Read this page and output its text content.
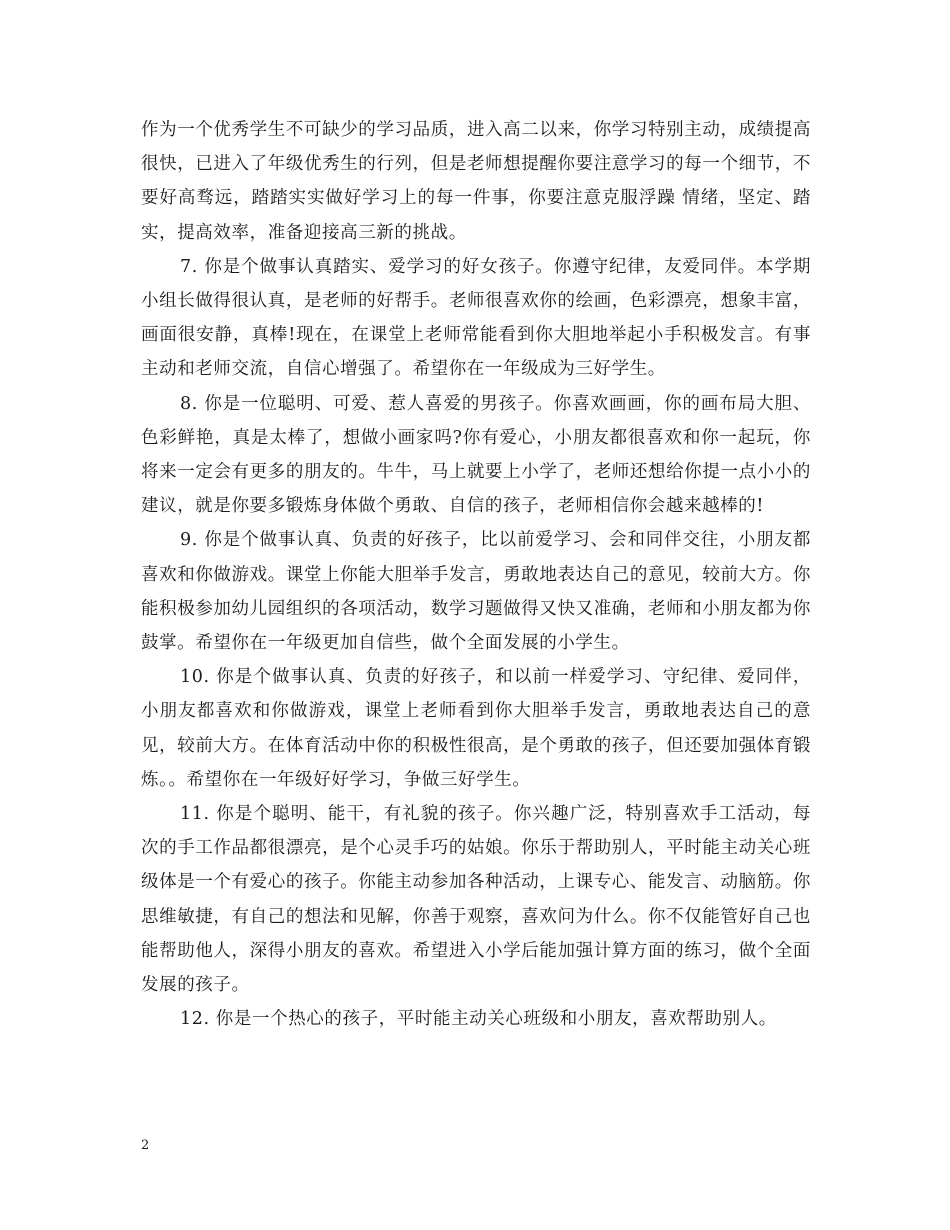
作为一个优秀学生不可缺少的学习品质，进入高二以来，你学习特别主动，成绩提高很快，已进入了年级优秀生的行列，但是老师想提醒你要注意学习的每一个细节，不要好高骛远，踏踏实实做好学习上的每一件事，你要注意克服浮躁 情绪，坚定、踏实，提高效率，准备迎接高三新的挑战。

7. 你是个做事认真踏实、爱学习的好女孩子。你遵守纪律，友爱同伴。本学期小组长做得很认真，是老师的好帮手。老师很喜欢你的绘画，色彩漂亮，想象丰富，画面很安静，真棒!现在，在课堂上老师常能看到你大胆地举起小手积极发言。有事主动和老师交流，自信心增强了。希望你在一年级成为三好学生。

8. 你是一位聪明、可爱、惹人喜爱的男孩子。你喜欢画画，你的画布局大胆、色彩鲜艳，真是太棒了，想做小画家吗?你有爱心，小朋友都很喜欢和你一起玩，你将来一定会有更多的朋友的。牛牛，马上就要上小学了，老师还想给你提一点小小的建议，就是你要多锻炼身体做个勇敢、自信的孩子，老师相信你会越来越棒的!

9. 你是个做事认真、负责的好孩子，比以前爱学习、会和同伴交往，小朋友都喜欢和你做游戏。课堂上你能大胆举手发言，勇敢地表达自己的意见，较前大方。你能积极参加幼儿园组织的各项活动，数学习题做得又快又准确，老师和小朋友都为你鼓掌。希望你在一年级更加自信些，做个全面发展的小学生。

10. 你是个做事认真、负责的好孩子，和以前一样爱学习、守纪律、爱同伴，小朋友都喜欢和你做游戏，课堂上老师看到你大胆举手发言，勇敢地表达自己的意见，较前大方。在体育活动中你的积极性很高，是个勇敢的孩子，但还要加强体育锻炼。。希望你在一年级好好学习，争做三好学生。

11. 你是个聪明、能干，有礼貌的孩子。你兴趣广泛，特别喜欢手工活动，每次的手工作品都很漂亮，是个心灵手巧的姑娘。你乐于帮助别人，平时能主动关心班级体是一个有爱心的孩子。你能主动参加各种活动，上课专心、能发言、动脑筋。你思维敏捷，有自己的想法和见解，你善于观察，喜欢问为什么。你不仅能管好自己也能帮助他人，深得小朋友的喜欢。希望进入小学后能加强计算方面的练习，做个全面发展的孩子。

12. 你是一个热心的孩子，平时能主动关心班级和小朋友，喜欢帮助别人。

2
